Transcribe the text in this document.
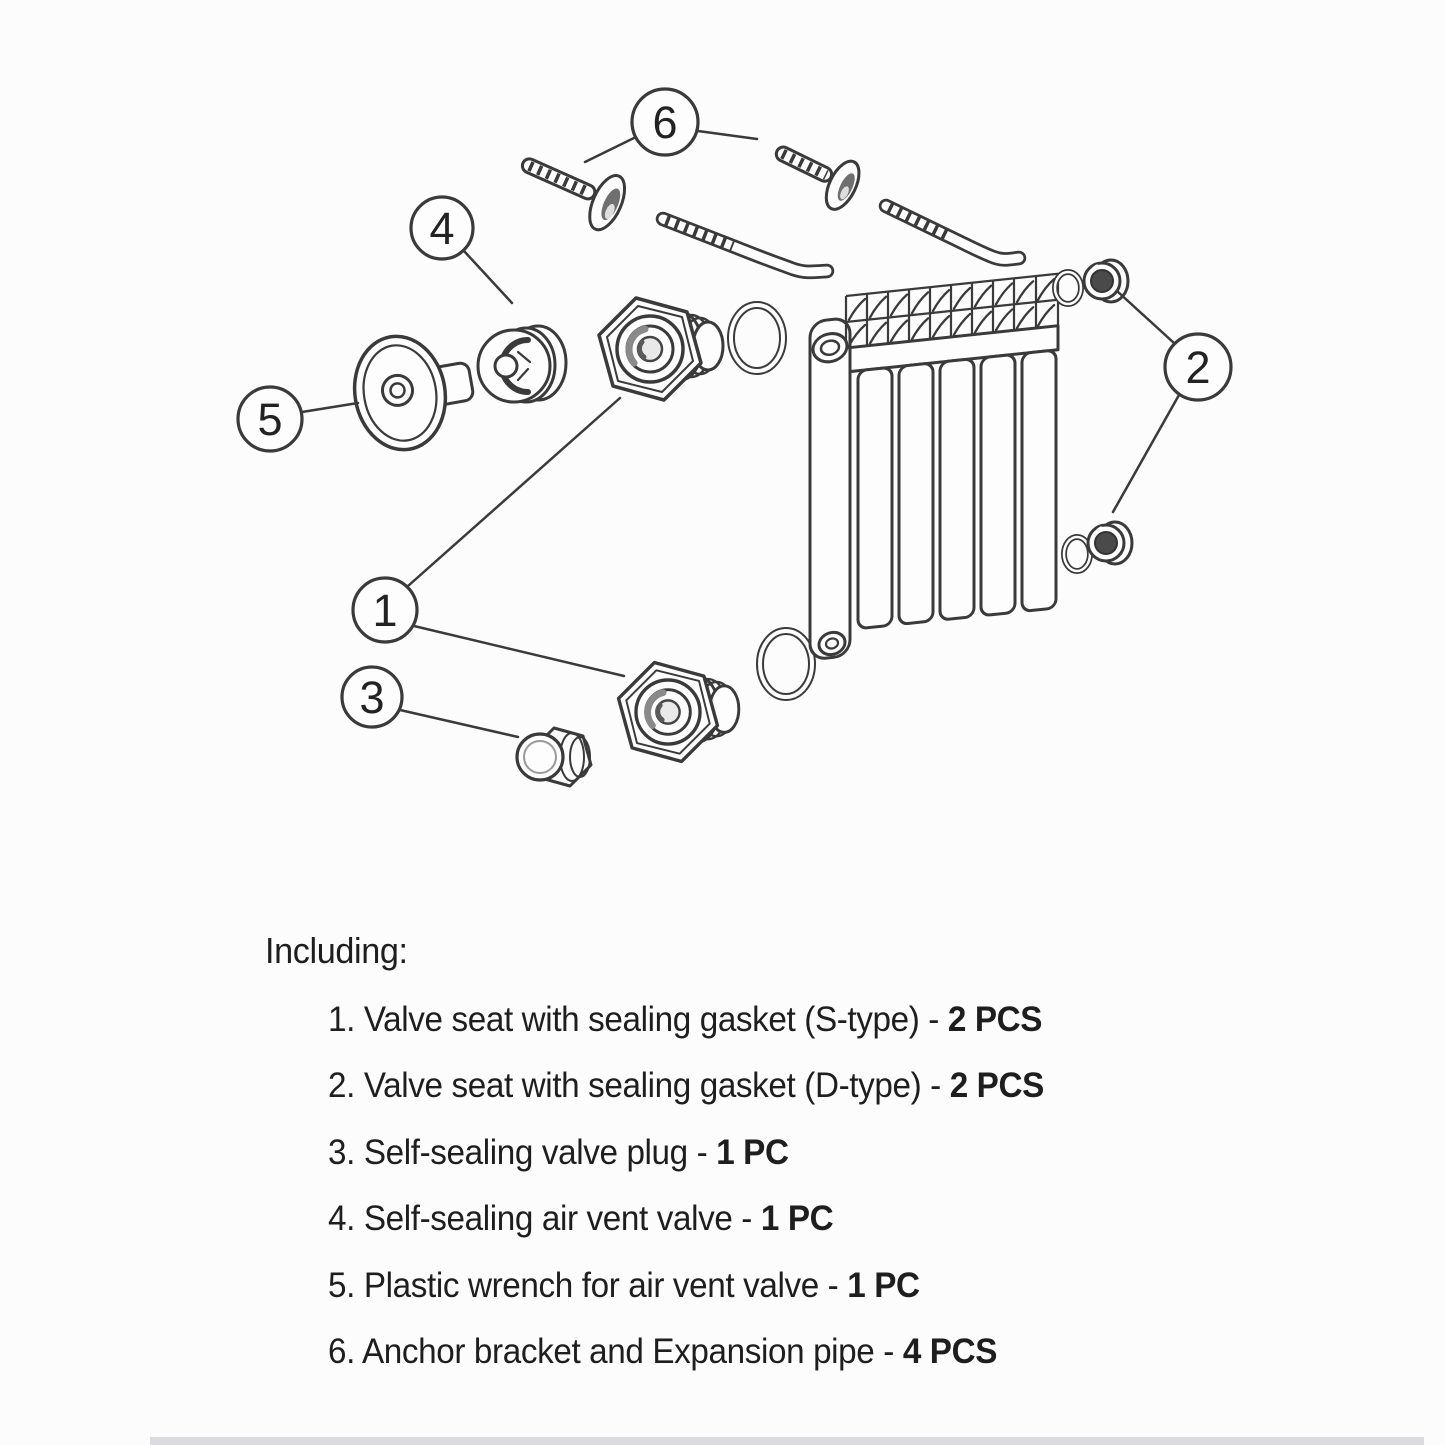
6
4
5
2
1
3
Including:
1. Valve seat with sealing gasket (S-type) - 2 PCS
2. Valve seat with sealing gasket (D-type) - 2 PCS
3. Self-sealing valve plug - 1 PC
4. Self-sealing air vent valve - 1 PC
5. Plastic wrench for air vent valve - 1 PC
6. Anchor bracket and Expansion pipe - 4 PCS
